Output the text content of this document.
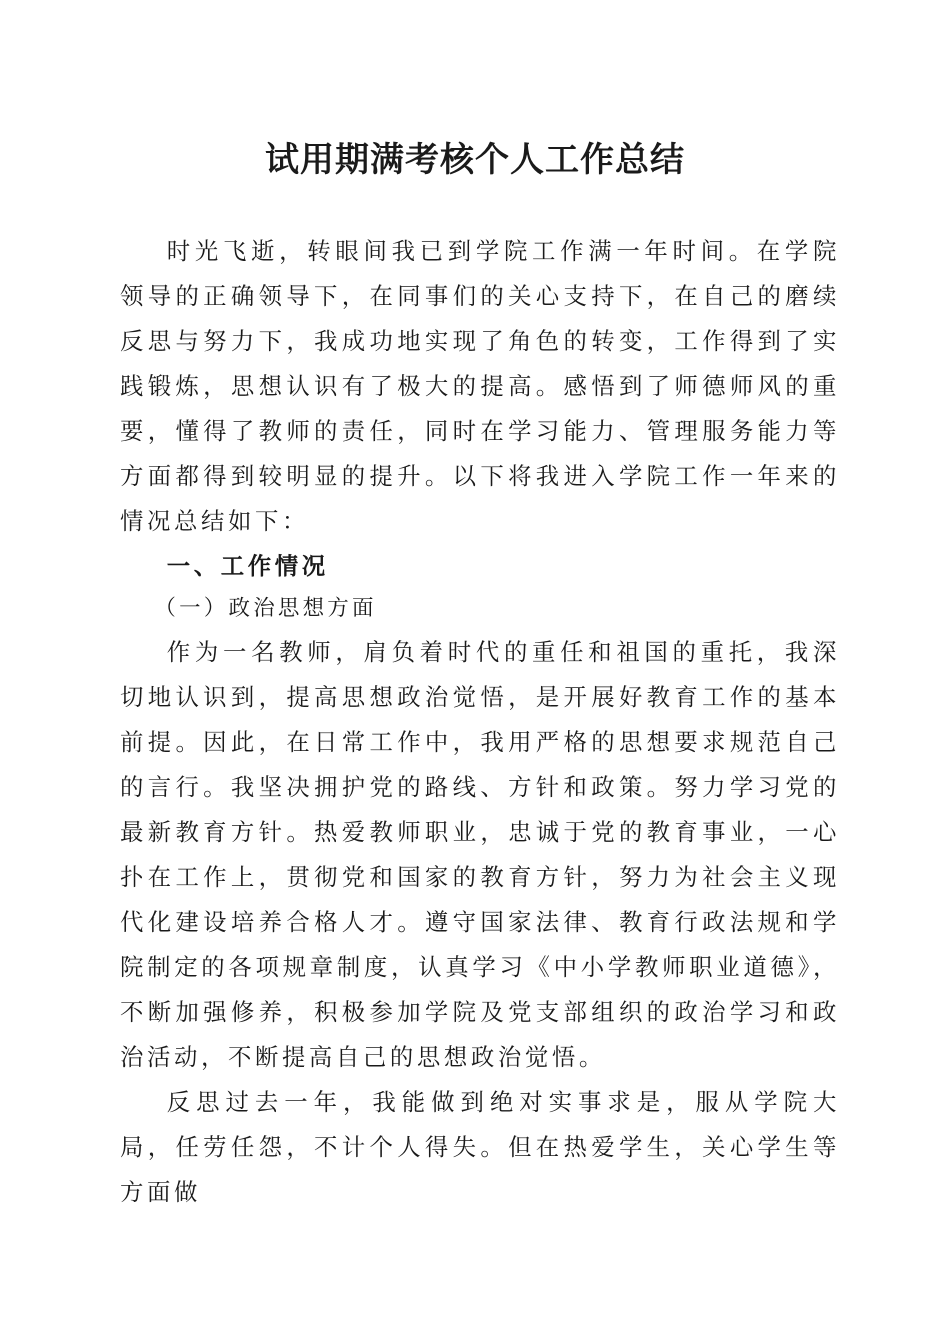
试用期满考核个人工作总结

时光飞逝，转眼间我已到学院工作满一年时间。在学院领导的正确领导下，在同事们的关心支持下，在自己的磨续反思与努力下，我成功地实现了角色的转变，工作得到了实践锻炼，思想认识有了极大的提高。感悟到了师德师风的重要，懂得了教师的责任，同时在学习能力、管理服务能力等方面都得到较明显的提升。以下将我进入学院工作一年来的情况总结如下：

一、工作情况

（一）政治思想方面

作为一名教师，肩负着时代的重任和祖国的重托，我深切地认识到，提高思想政治觉悟，是开展好教育工作的基本前提。因此，在日常工作中，我用严格的思想要求规范自己的言行。我坚决拥护党的路线、方针和政策。努力学习党的最新教育方针。热爱教师职业，忠诚于党的教育事业，一心扑在工作上，贯彻党和国家的教育方针，努力为社会主义现代化建设培养合格人才。遵守国家法律、教育行政法规和学院制定的各项规章制度，认真学习《中小学教师职业道德》，不断加强修养，积极参加学院及党支部组织的政治学习和政治活动，不断提高自己的思想政治觉悟。

反思过去一年，我能做到绝对实事求是，服从学院大局，任劳任怨，不计个人得失。但在热爱学生，关心学生等方面做
